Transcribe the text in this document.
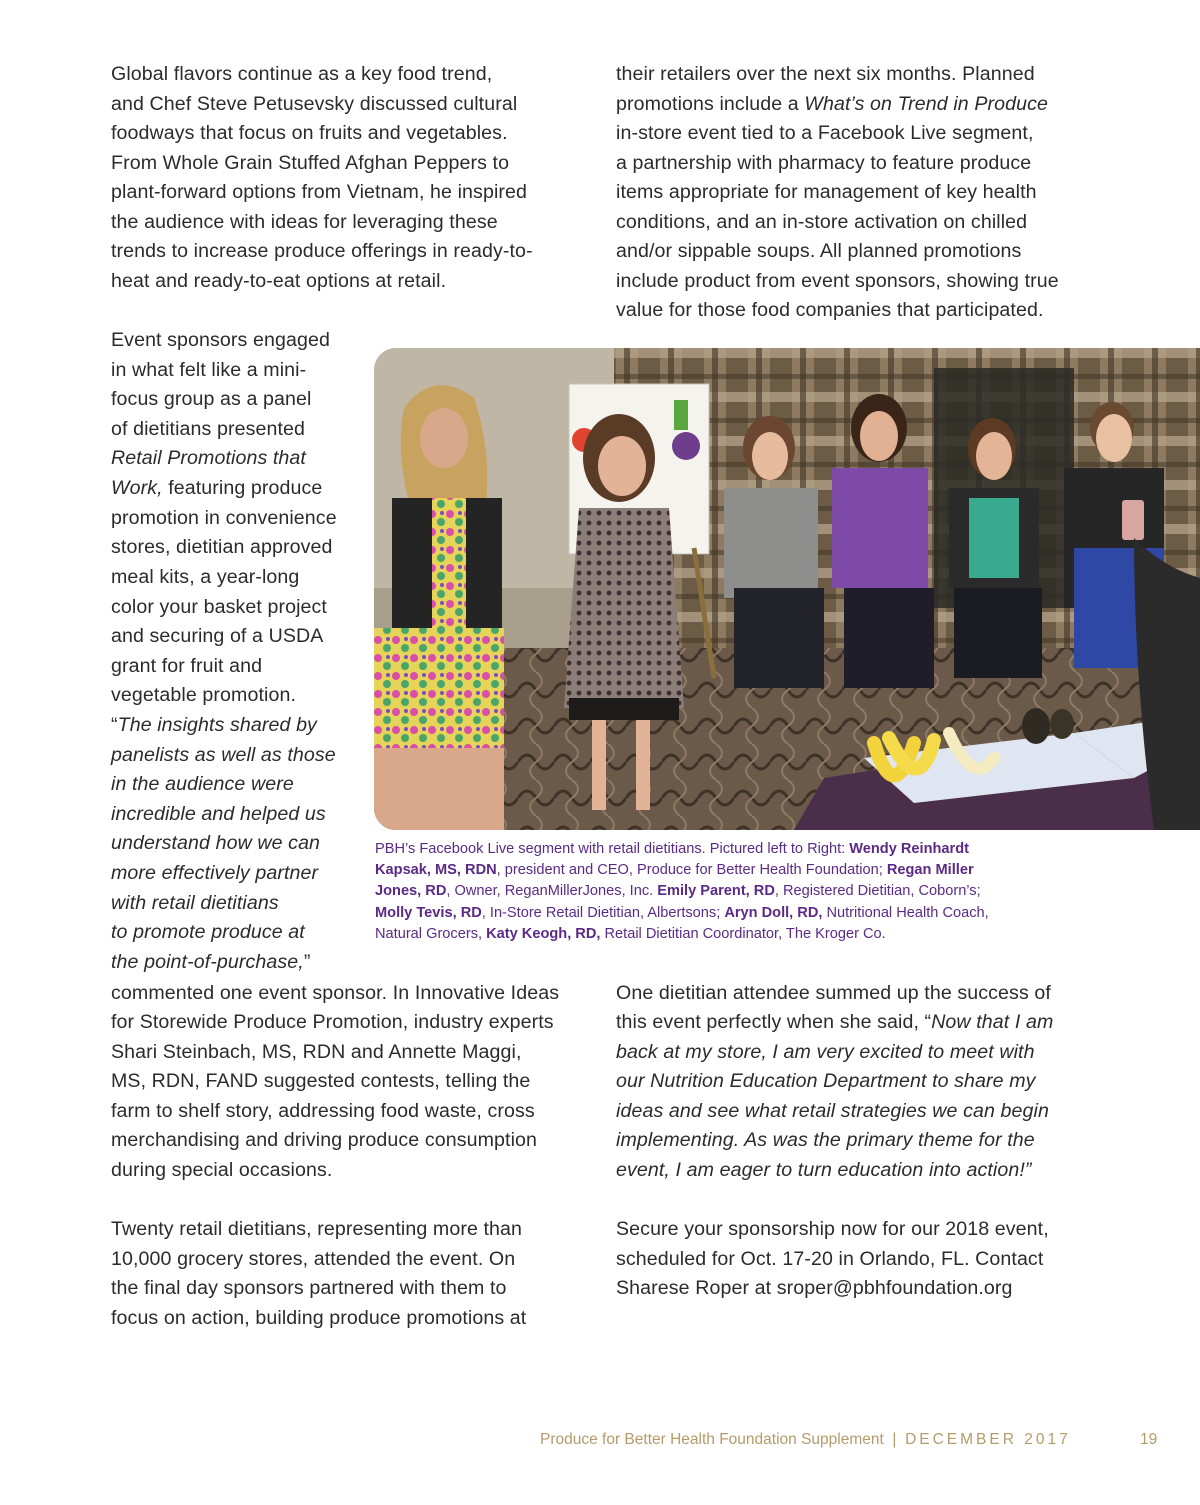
Global flavors continue as a key food trend,
and Chef Steve Petusevsky discussed cultural
foodways that focus on fruits and vegetables.
From Whole Grain Stuffed Afghan Peppers to
plant-forward options from Vietnam, he inspired
the audience with ideas for leveraging these
trends to increase produce offerings in ready-to-
heat and ready-to-eat options at retail.
their retailers over the next six months. Planned
promotions include a What’s on Trend in Produce
in-store event tied to a Facebook Live segment,
a partnership with pharmacy to feature produce
items appropriate for management of key health
conditions, and an in-store activation on chilled
and/or sippable soups. All planned promotions
include product from event sponsors, showing true
value for those food companies that participated.
Event sponsors engaged
in what felt like a mini-
focus group as a panel
of dietitians presented
Retail Promotions that
Work, featuring produce
promotion in convenience
stores, dietitian approved
meal kits, a year-long
color your basket project
and securing of a USDA
grant for fruit and
vegetable promotion.
“The insights shared by
panelists as well as those
in the audience were
incredible and helped us
understand how we can
more effectively partner
with retail dietitians
to promote produce at
the point-of-purchase,”
PBH’s Facebook Live segment with retail dietitians. Pictured left to Right: Wendy Reinhardt
Kapsak, MS, RDN, president and CEO, Produce for Better Health Foundation; Regan Miller
Jones, RD, Owner, ReganMillerJones, Inc. Emily Parent, RD, Registered Dietitian, Coborn’s;
Molly Tevis, RD, In-Store Retail Dietitian, Albertsons; Aryn Doll, RD, Nutritional Health Coach,
Natural Grocers, Katy Keogh, RD, Retail Dietitian Coordinator, The Kroger Co.
commented one event sponsor. In Innovative Ideas
for Storewide Produce Promotion, industry experts
Shari Steinbach, MS, RDN and Annette Maggi,
MS, RDN, FAND suggested contests, telling the
farm to shelf story, addressing food waste, cross
merchandising and driving produce consumption
during special occasions.
Twenty retail dietitians, representing more than
10,000 grocery stores, attended the event. On
the final day sponsors partnered with them to
focus on action, building produce promotions at
One dietitian attendee summed up the success of
this event perfectly when she said, “Now that I am
back at my store, I am very excited to meet with
our Nutrition Education Department to share my
ideas and see what retail strategies we can begin
implementing. As was the primary theme for the
event, I am eager to turn education into action!”
Secure your sponsorship now for our 2018 event,
scheduled for Oct. 17-20 in Orlando, FL. Contact
Sharese Roper at sroper@pbhfoundation.org
Produce for Better Health Foundation Supplement | DECEMBER 2017	19
